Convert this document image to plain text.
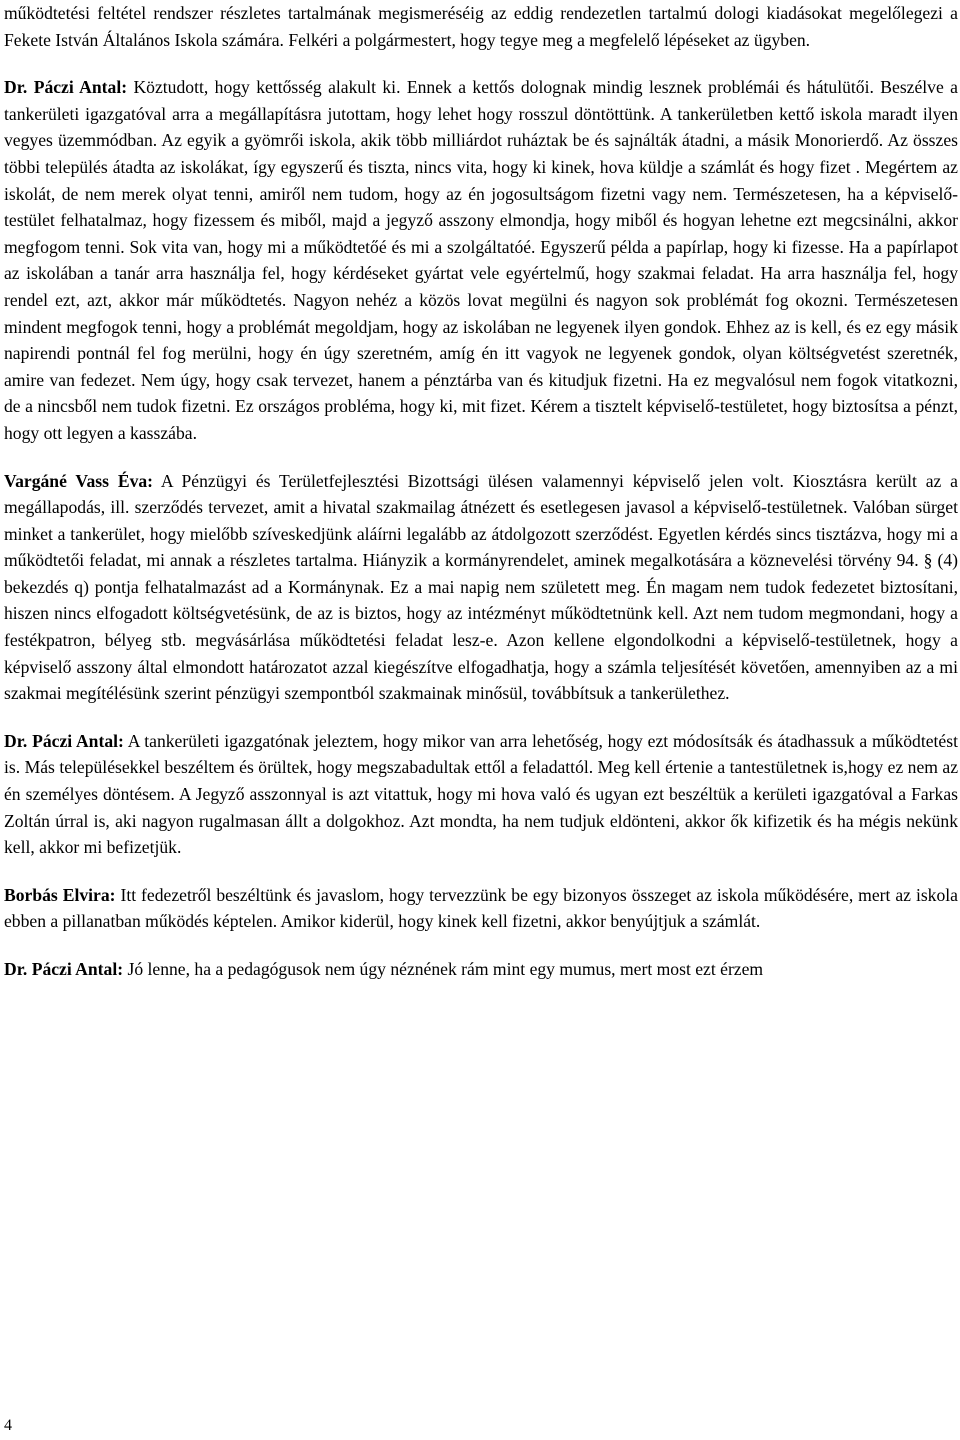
működtetési feltétel rendszer részletes tartalmának megismeréséig az eddig rendezetlen tartalmú dologi kiadásokat megelőlegezi a Fekete István Általános Iskola számára. Felkéri a polgármestert, hogy tegye meg a megfelelő lépéseket az ügyben.

Dr. Páczi Antal: Köztudott, hogy kettősség alakult ki. Ennek a kettős dolognak mindig lesznek problémái és hátulütői. Beszélve a tankerületi igazgatóval arra a megállapításra jutottam, hogy lehet hogy rosszul döntöttünk. A tankerületben kettő iskola maradt ilyen vegyes üzemmódban. Az egyik a gyömrői iskola, akik több milliárdot ruháztak be és sajnálták átadni, a másik Monorierdő. Az összes többi település átadta az iskolákat, így egyszerű és tiszta, nincs vita, hogy ki kinek, hova küldje a számlát és hogy fizet . Megértem az iskolát, de nem merek olyat tenni, amiről nem tudom, hogy az én jogosultságom fizetni vagy nem. Természetesen, ha a képviselő-testület felhatalmaz, hogy fizessem és miből, majd a jegyző asszony elmondja, hogy miből és hogyan lehetne ezt megcsinálni, akkor megfogom tenni. Sok vita van, hogy mi a működtetőé és mi a szolgáltatóé. Egyszerű példa a papírlap, hogy ki fizesse. Ha a papírlapot az iskolában a tanár arra használja fel, hogy kérdéseket gyártat vele egyértelmű, hogy szakmai feladat. Ha arra használja fel, hogy rendel ezt, azt, akkor már működtetés. Nagyon nehéz a közös lovat megülni és nagyon sok problémát fog okozni. Természetesen mindent megfogok tenni, hogy a problémát megoldjam, hogy az iskolában ne legyenek ilyen gondok. Ehhez az is kell, és ez egy másik napirendi pontnál fel fog merülni, hogy én úgy szeretném, amíg én itt vagyok ne legyenek gondok, olyan költségvetést szeretnék, amire van fedezet. Nem úgy, hogy csak tervezet, hanem a pénztárba van és kitudjuk fizetni. Ha ez megvalósul nem fogok vitatkozni, de a nincsből nem tudok fizetni. Ez országos probléma, hogy ki, mit fizet. Kérem a tisztelt képviselő-testületet, hogy biztosítsa a pénzt, hogy ott legyen a kasszába.

Vargáné Vass Éva: A Pénzügyi és Területfejlesztési Bizottsági ülésen valamennyi képviselő jelen volt. Kiosztásra került az a megállapodás, ill. szerződés tervezet, amit a hivatal szakmailag átnézett és esetlegesen javasol a képviselő-testületnek. Valóban sürget minket a tankerület, hogy mielőbb szíveskedjünk aláírni legalább az átdolgozott szerződést. Egyetlen kérdés sincs tisztázva, hogy mi a működtetői feladat, mi annak a részletes tartalma. Hiányzik a kormányrendelet, aminek megalkotására a köznevelési törvény 94. § (4) bekezdés q) pontja felhatalmazást ad a Kormánynak. Ez a mai napig nem született meg. Én magam nem tudok fedezetet biztosítani, hiszen nincs elfogadott költségvetésünk, de az is biztos, hogy az intézményt működtetnünk kell. Azt nem tudom megmondani, hogy a festékpatron, bélyeg stb. megvásárlása működtetési feladat lesz-e. Azon kellene elgondolkodni a képviselő-testületnek, hogy a képviselő asszony által elmondott határozatot azzal kiegészítve elfogadhatja, hogy a számla teljesítését követően, amennyiben az a mi szakmai megítélésünk szerint pénzügyi szempontból szakmainak minősül, továbbítsuk a tankerülethez.

Dr. Páczi Antal: A tankerületi igazgatónak jeleztem, hogy mikor van arra lehetőség, hogy ezt módosítsák és átadhassuk a működtetést is. Más településekkel beszéltem és örültek, hogy megszabadultak ettől a feladattól. Meg kell értenie a tantestületnek is,hogy ez nem az én személyes döntésem. A Jegyző asszonnyal is azt vitattuk, hogy mi hova való és ugyan ezt beszéltük a kerületi igazgatóval a Farkas Zoltán úrral is, aki nagyon rugalmasan állt a dolgokhoz. Azt mondta, ha nem tudjuk eldönteni, akkor ők kifizetik és ha mégis nekünk kell, akkor mi befizetjük.

Borbás Elvira: Itt fedezetről beszéltünk és javaslom, hogy tervezzünk be egy bizonyos összeget az iskola működésére, mert az iskola ebben a pillanatban működés képtelen. Amikor kiderül, hogy kinek kell fizetni, akkor benyújtjuk a számlát.

Dr. Páczi Antal: Jó lenne, ha a pedagógusok nem úgy néznének rám mint egy mumus, mert most ezt érzem

4
